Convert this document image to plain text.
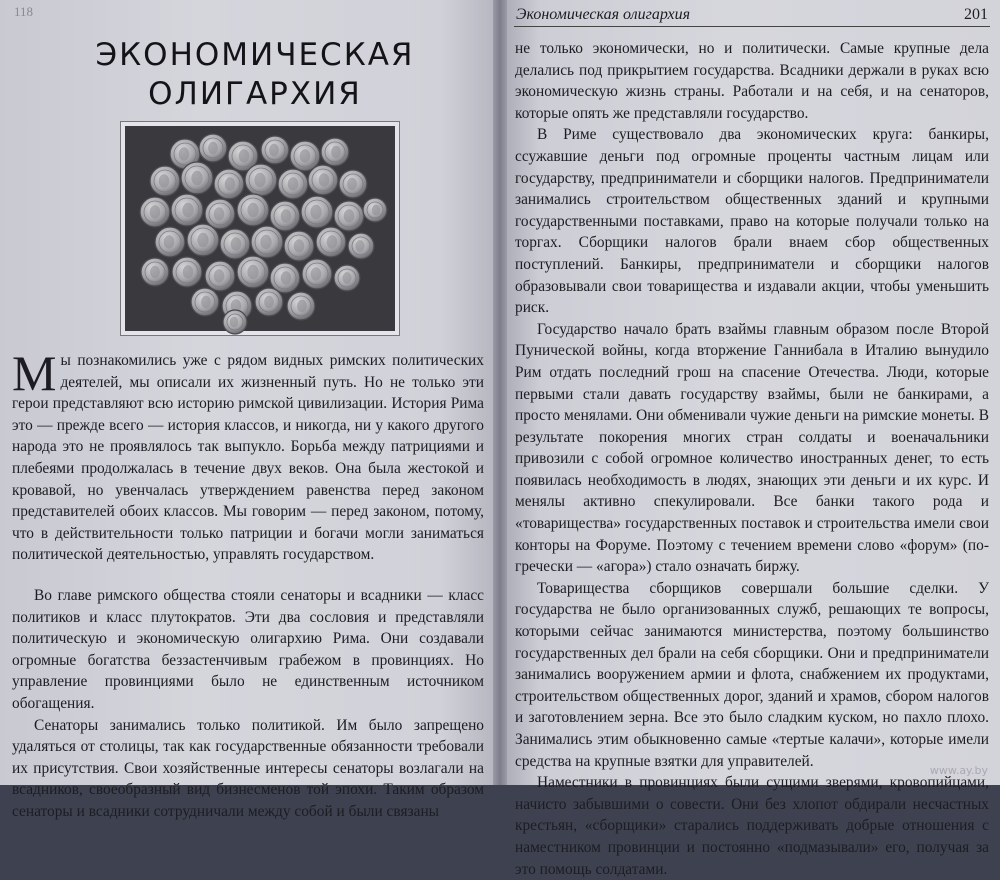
118
ЭКОНОМИЧЕСКАЯ
ОЛИГАРХИЯ

Мы познакомились уже с рядом видных римских политических деятелей, мы описали их жизненный путь. Но не только эти герои представляют всю историю римской цивилизации. История Рима это — прежде всего — история классов, и никогда, ни у какого другого народа это не проявлялось так выпукло. Борьба между патрициями и плебеями продолжалась в течение двух веков. Она была жестокой и кровавой, но увенчалась утверждением равенства перед законом представителей обоих классов. Мы говорим — перед законом, потому, что в действительности только патриции и богачи могли заниматься политической деятельностью, управлять государством.

Во главе римского общества стояли сенаторы и всадники — класс политиков и класс плутократов. Эти два сословия и представляли политическую и экономическую олигархию Рима. Они создавали огромные богатства беззастенчивым грабежом в провинциях. Но управление провинциями было не единственным источником обогащения.

Сенаторы занимались только политикой. Им было запрещено удаляться от столицы, так как государственные обязанности требовали их присутствия. Свои хозяйственные интересы сенаторы возлагали на всадников, своеобразный вид бизнесменов той эпохи. Таким образом сенаторы и всадники сотрудничали между собой и были связаны

Экономическая олигархия	201

не только экономически, но и политически. Самые крупные дела делались под прикрытием государства. Всадники держали в руках всю экономическую жизнь страны. Работали и на себя, и на сенаторов, которые опять же представляли государство.

В Риме существовало два экономических круга: банкиры, ссужавшие деньги под огромные проценты частным лицам или государству, предприниматели и сборщики налогов. Предприниматели занимались строительством общественных зданий и крупными государственными поставками, право на которые получали только на торгах. Сборщики налогов брали внаем сбор общественных поступлений. Банкиры, предприниматели и сборщики налогов образовывали свои товарищества и издавали акции, чтобы уменьшить риск.

Государство начало брать взаймы главным образом после Второй Пунической войны, когда вторжение Ганнибала в Италию вынудило Рим отдать последний грош на спасение Отечества. Люди, которые первыми стали давать государству взаймы, были не банкирами, а просто менялами. Они обменивали чужие деньги на римские монеты. В результате покорения многих стран солдаты и военачальники привозили с собой огромное количество иностранных денег, то есть появилась необходимость в людях, знающих эти деньги и их курс. И менялы активно спекулировали. Все банки такого рода и «товарищества» государственных поставок и строительства имели свои конторы на Форуме. Поэтому с течением времени слово «форум» (по-гречески — «агора») стало означать биржу.

Товарищества сборщиков совершали большие сделки. У государства не было организованных служб, решающих те вопросы, которыми сейчас занимаются министерства, поэтому большинство государственных дел брали на себя сборщики. Они и предприниматели занимались вооружением армии и флота, снабжением их продуктами, строительством общественных дорог, зданий и храмов, сбором налогов и заготовлением зерна. Все это было сладким куском, но пахло плохо. Занимались этим обыкновенно самые «тертые калачи», которые имели средства на крупные взятки для управителей.

Наместники в провинциях были сущими зверями, кровопийцами, начисто забывшими о совести. Они без хлопот обдирали несчастных крестьян, «сборщики» старались поддерживать добрые отношения с наместником провинции и постоянно «подмазывали» его, получая за это помощь солдатами.

www.ay.by
